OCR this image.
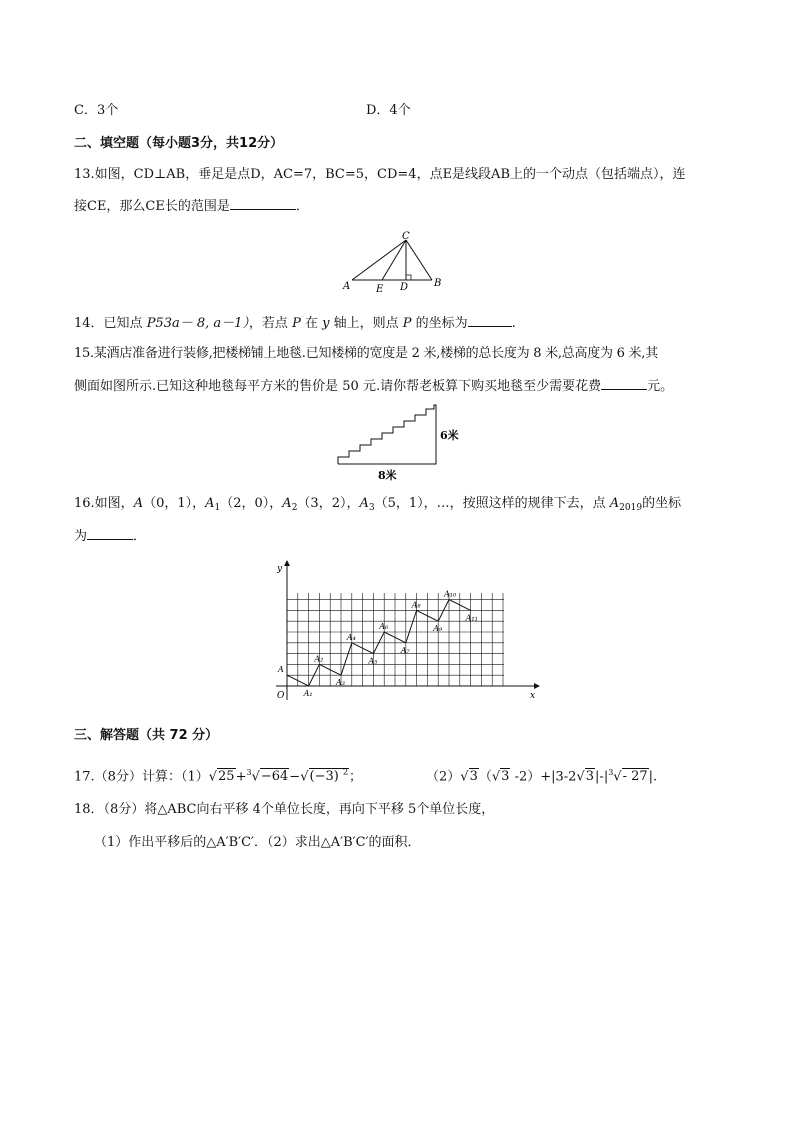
C．3个	D．4个
二、填空题（每小题3分，共12分）
13.如图，CD⊥AB，垂足是点D，AC=7，BC=5，CD=4，点E是线段AB上的一个动点（包括端点），连
接CE，那么CE长的范围是	．
C
A	E D	B
14．已知点 P53a－ 8, a－1），若点 P 在 y 轴上，则点 P 的坐标为	.
15.某酒店准备进行装修,把楼梯铺上地毯.已知楼梯的宽度是 2 米,楼梯的总长度为 8 米,总高度为 6 米,其
侧面如图所示.已知这种地毯每平方米的售价是 50 元.请你帮老板算下购买地毯至少需要花费	元。
6米
8米
16.如图，A（0，1），$A_1(2$，0），$A_2(3$，2），$A_3(5$，1），…，按照这样的规律下去，点 $A_{2019}$的坐标
为	．
y
x
O
A
A₁
A₂
A₃
A₄
A₅
A₆
A₇
A₈
A₉
A₁₀
A₁₁
三、解答题（共 72 分）
17.（8分）计算：（1）√25+$^3$√−64−√(−3) $^2$；	（2）√3（√3 $-2)+|3-2√3|-|^3√-$ 27|.
18．（8分）将△ABC向右平移 4个单位长度，再向下平移 5个单位长度，
（1）作出平移后的△A′B′C′．（2）求出△A′B′C′的面积．
